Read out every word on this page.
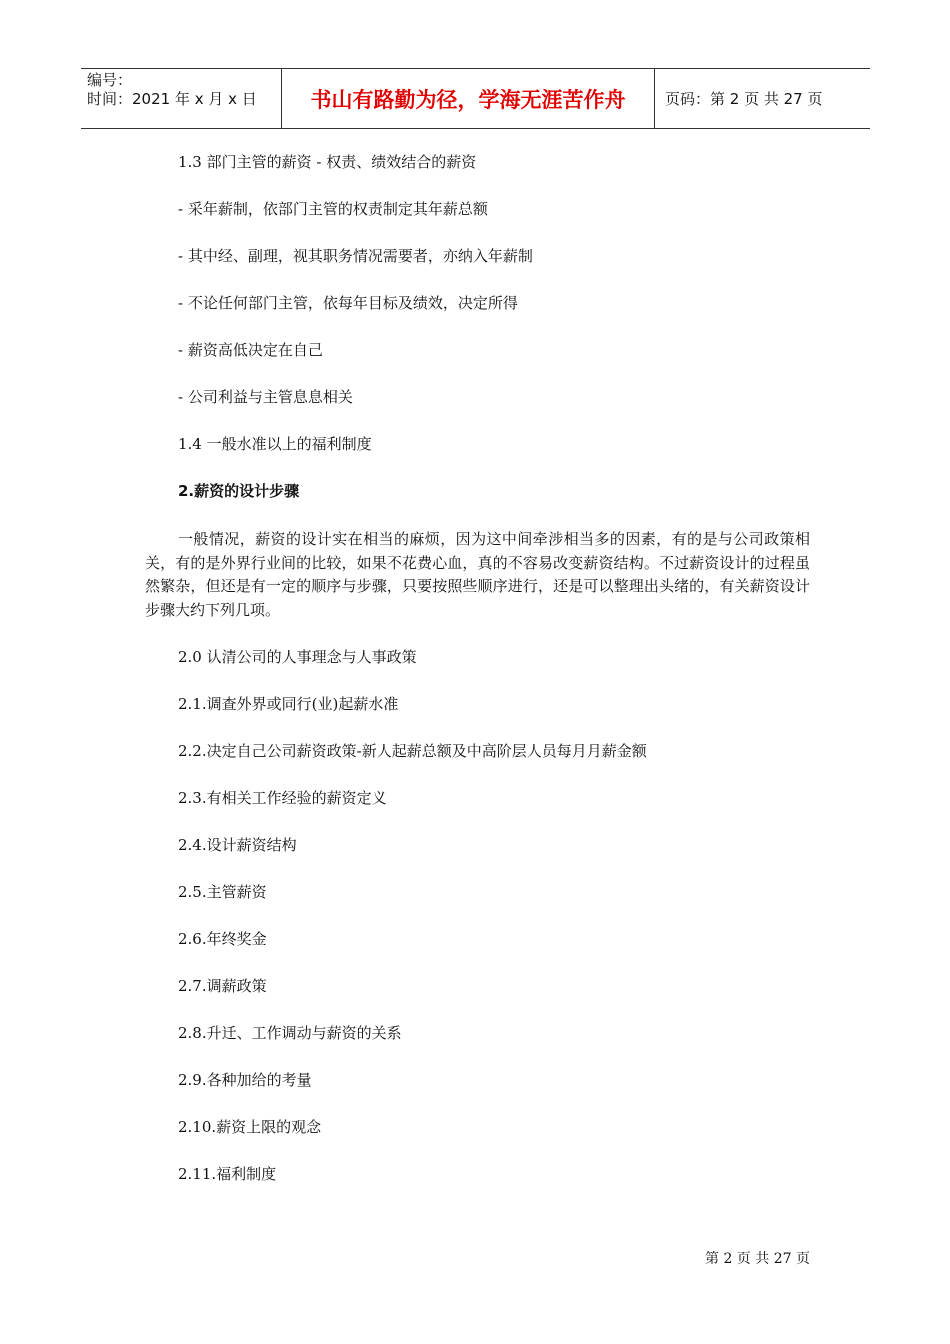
编号：
时间：2021 年 x 月 x 日	书山有路勤为径，学海无涯苦作舟	页码：第 2 页 共 27 页
1.3 部门主管的薪资 - 权责、绩效结合的薪资
- 采年薪制，依部门主管的权责制定其年薪总额
- 其中经、副理，视其职务情况需要者，亦纳入年薪制
- 不论任何部门主管，依每年目标及绩效，决定所得
- 薪资高低决定在自己
- 公司利益与主管息息相关
1.4 一般水准以上的福利制度
2.薪资的设计步骤
一般情况，薪资的设计实在相当的麻烦，因为这中间牵涉相当多的因素，有的是与公司政策相关，有的是外界行业间的比较，如果不花费心血，真的不容易改变薪资结构。不过薪资设计的过程虽然繁杂，但还是有一定的顺序与步骤，只要按照些顺序进行，还是可以整理出头绪的，有关薪资设计步骤大约下列几项。
2.0 认清公司的人事理念与人事政策
2.1.调查外界或同行(业)起薪水准
2.2.决定自己公司薪资政策-新人起薪总额及中高阶层人员每月月薪金额
2.3.有相关工作经验的薪资定义
2.4.设计薪资结构
2.5.主管薪资
2.6.年终奖金
2.7.调薪政策
2.8.升迁、工作调动与薪资的关系
2.9.各种加给的考量
2.10.薪资上限的观念
2.11.福利制度
第 2 页 共 27 页
